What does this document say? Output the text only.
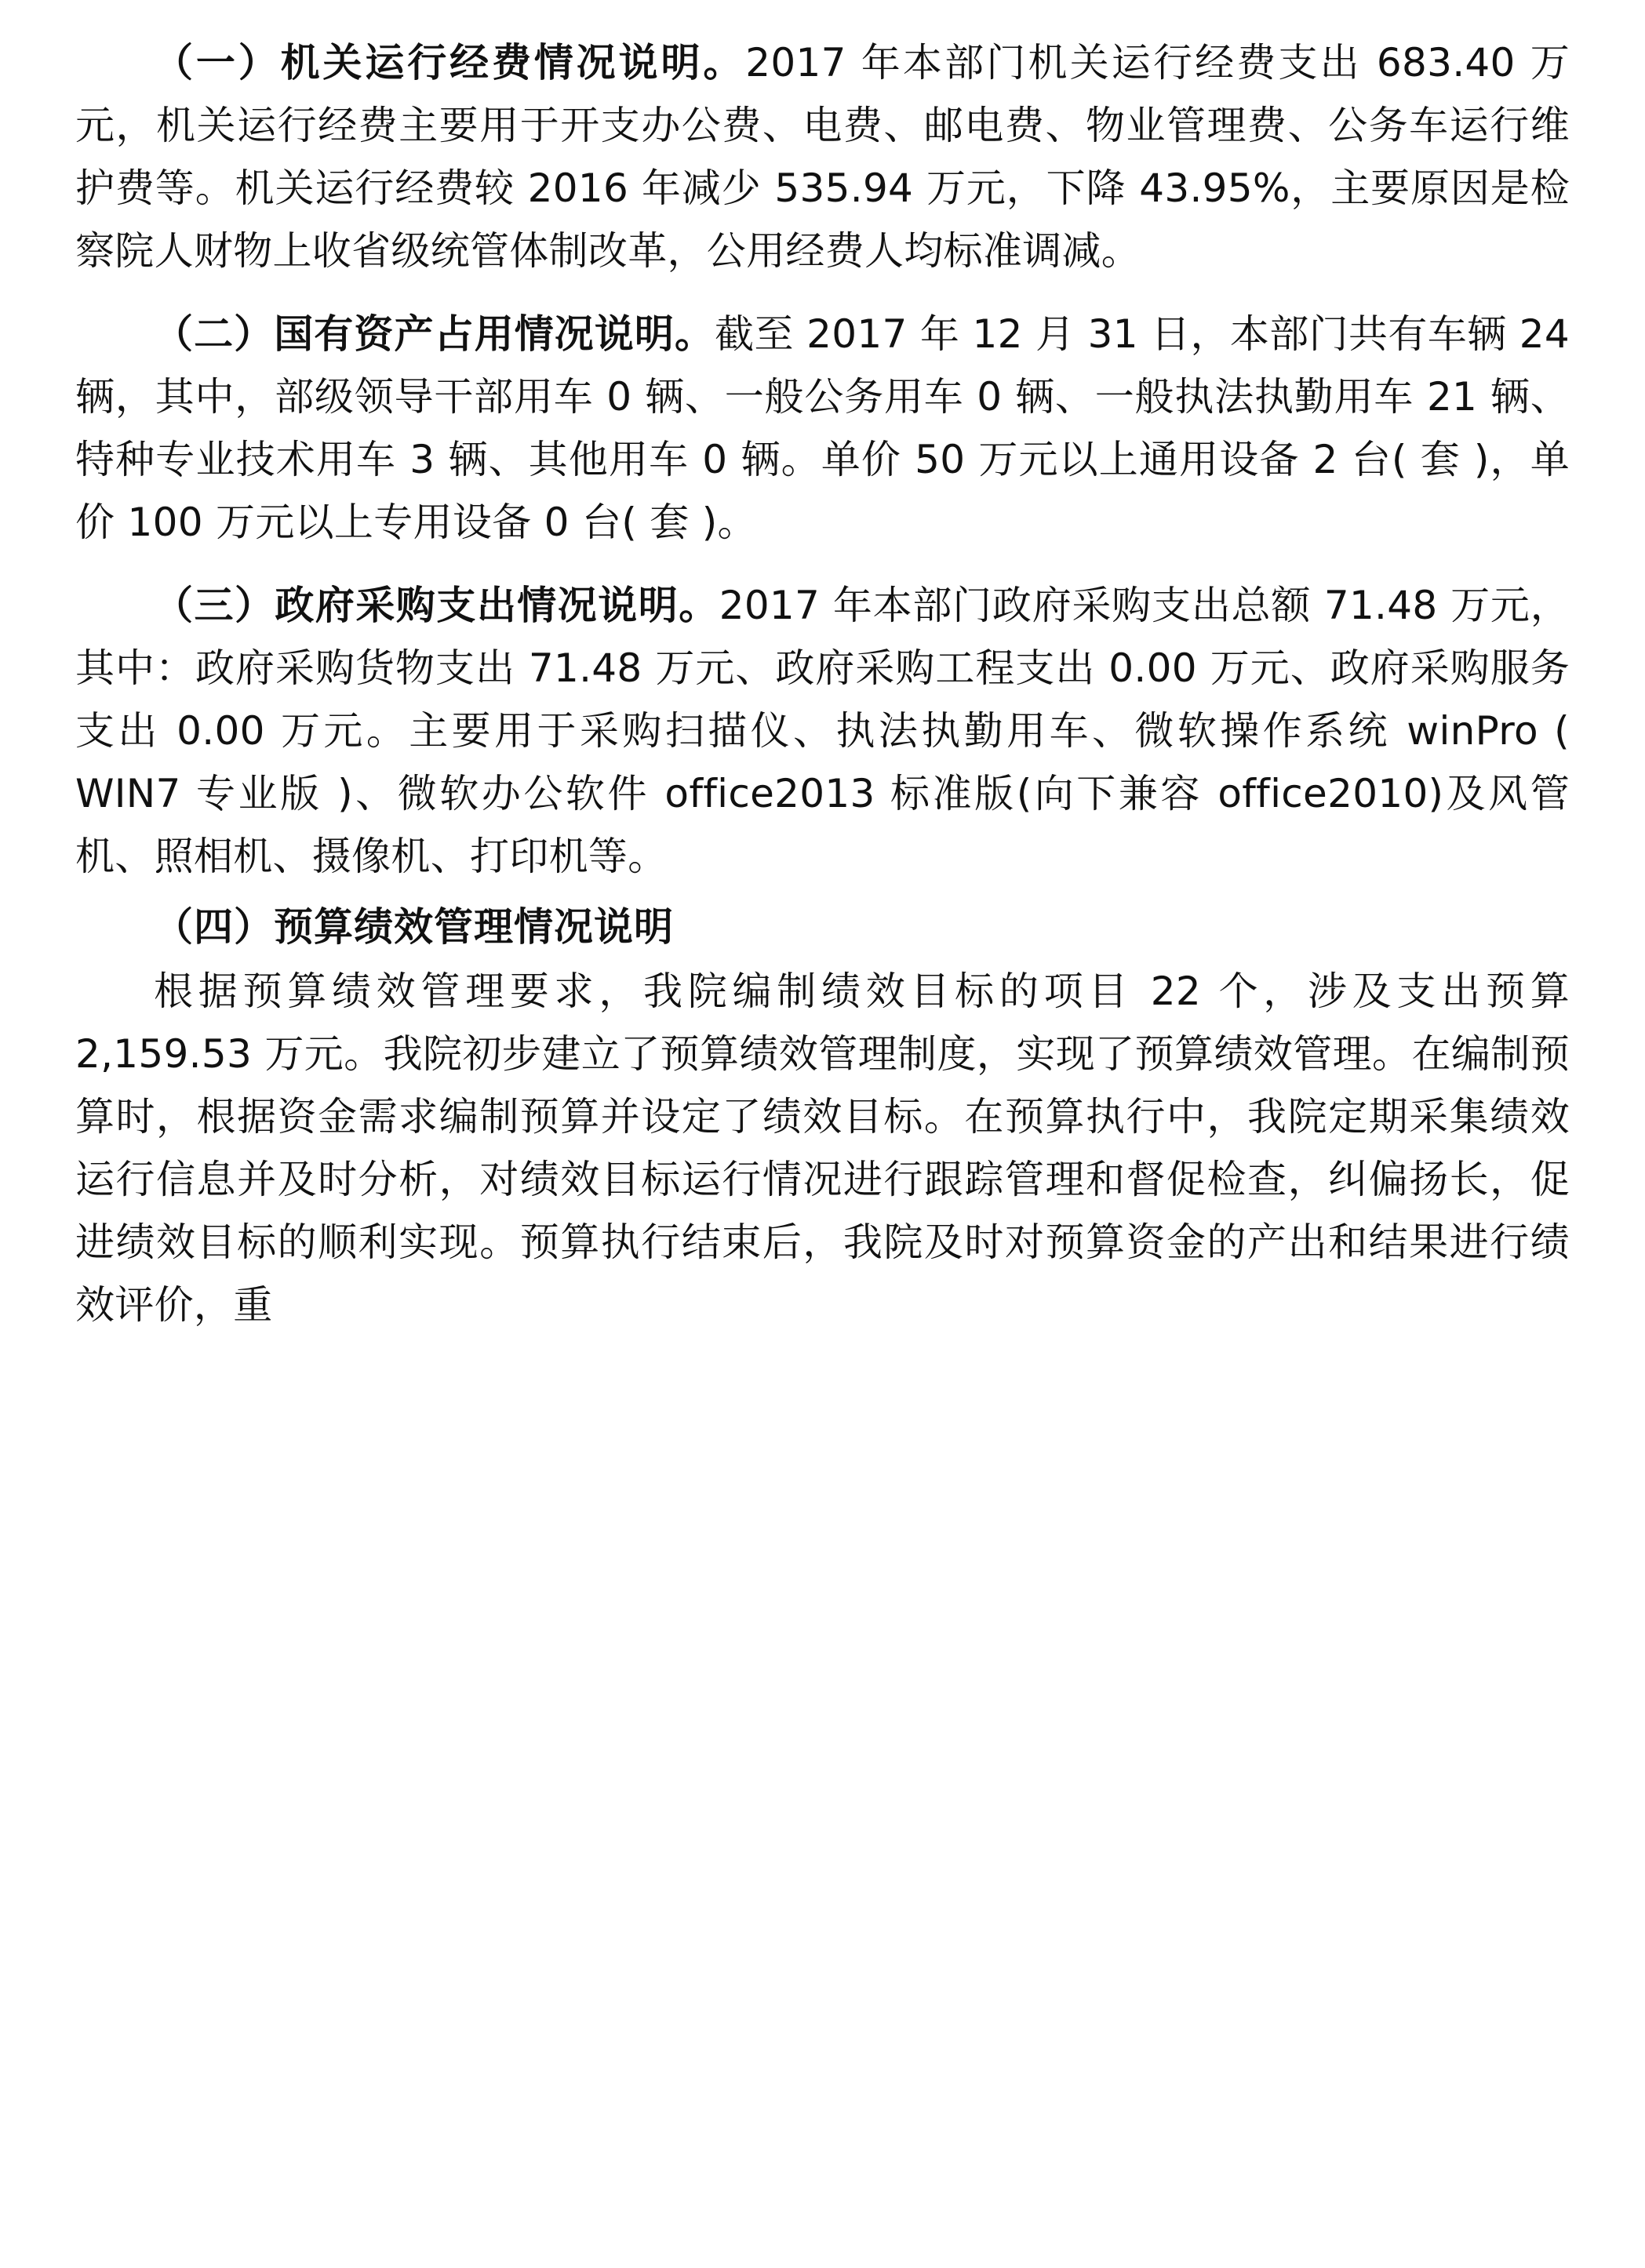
（一）机关运行经费情况说明。2017 年本部门机关运行经费支出 683.40 万元，机关运行经费主要用于开支办公费、电费、邮电费、物业管理费、公务车运行维护费等。机关运行经费较 2016 年减少 535.94 万元，下降 43.95%，主要原因是检察院人财物上收省级统管体制改革，公用经费人均标准调减。

（二）国有资产占用情况说明。截至 2017 年 12 月 31 日，本部门共有车辆 24 辆，其中，部级领导干部用车 0 辆、一般公务用车 0 辆、一般执法执勤用车 21 辆、特种专业技术用车 3 辆、其他用车 0 辆。单价 50 万元以上通用设备 2 台( 套 )，单价 100 万元以上专用设备 0 台( 套 )。

（三）政府采购支出情况说明。2017 年本部门政府采购支出总额 71.48 万元，其中：政府采购货物支出 71.48 万元、政府采购工程支出 0.00 万元、政府采购服务支出 0.00 万元。主要用于采购扫描仪、执法执勤用车、微软操作系统 winPro ( WIN7 专业版 )、微软办公软件 office2013 标准版(向下兼容 office2010)及风管机、照相机、摄像机、打印机等。

（四）预算绩效管理情况说明

根据预算绩效管理要求，我院编制绩效目标的项目 22 个，涉及支出预算 2,159.53 万元。我院初步建立了预算绩效管理制度，实现了预算绩效管理。在编制预算时，根据资金需求编制预算并设定了绩效目标。在预算执行中，我院定期采集绩效运行信息并及时分析，对绩效目标运行情况进行跟踪管理和督促检查，纠偏扬长，促进绩效目标的顺利实现。预算执行结束后，我院及时对预算资金的产出和结果进行绩效评价，重
